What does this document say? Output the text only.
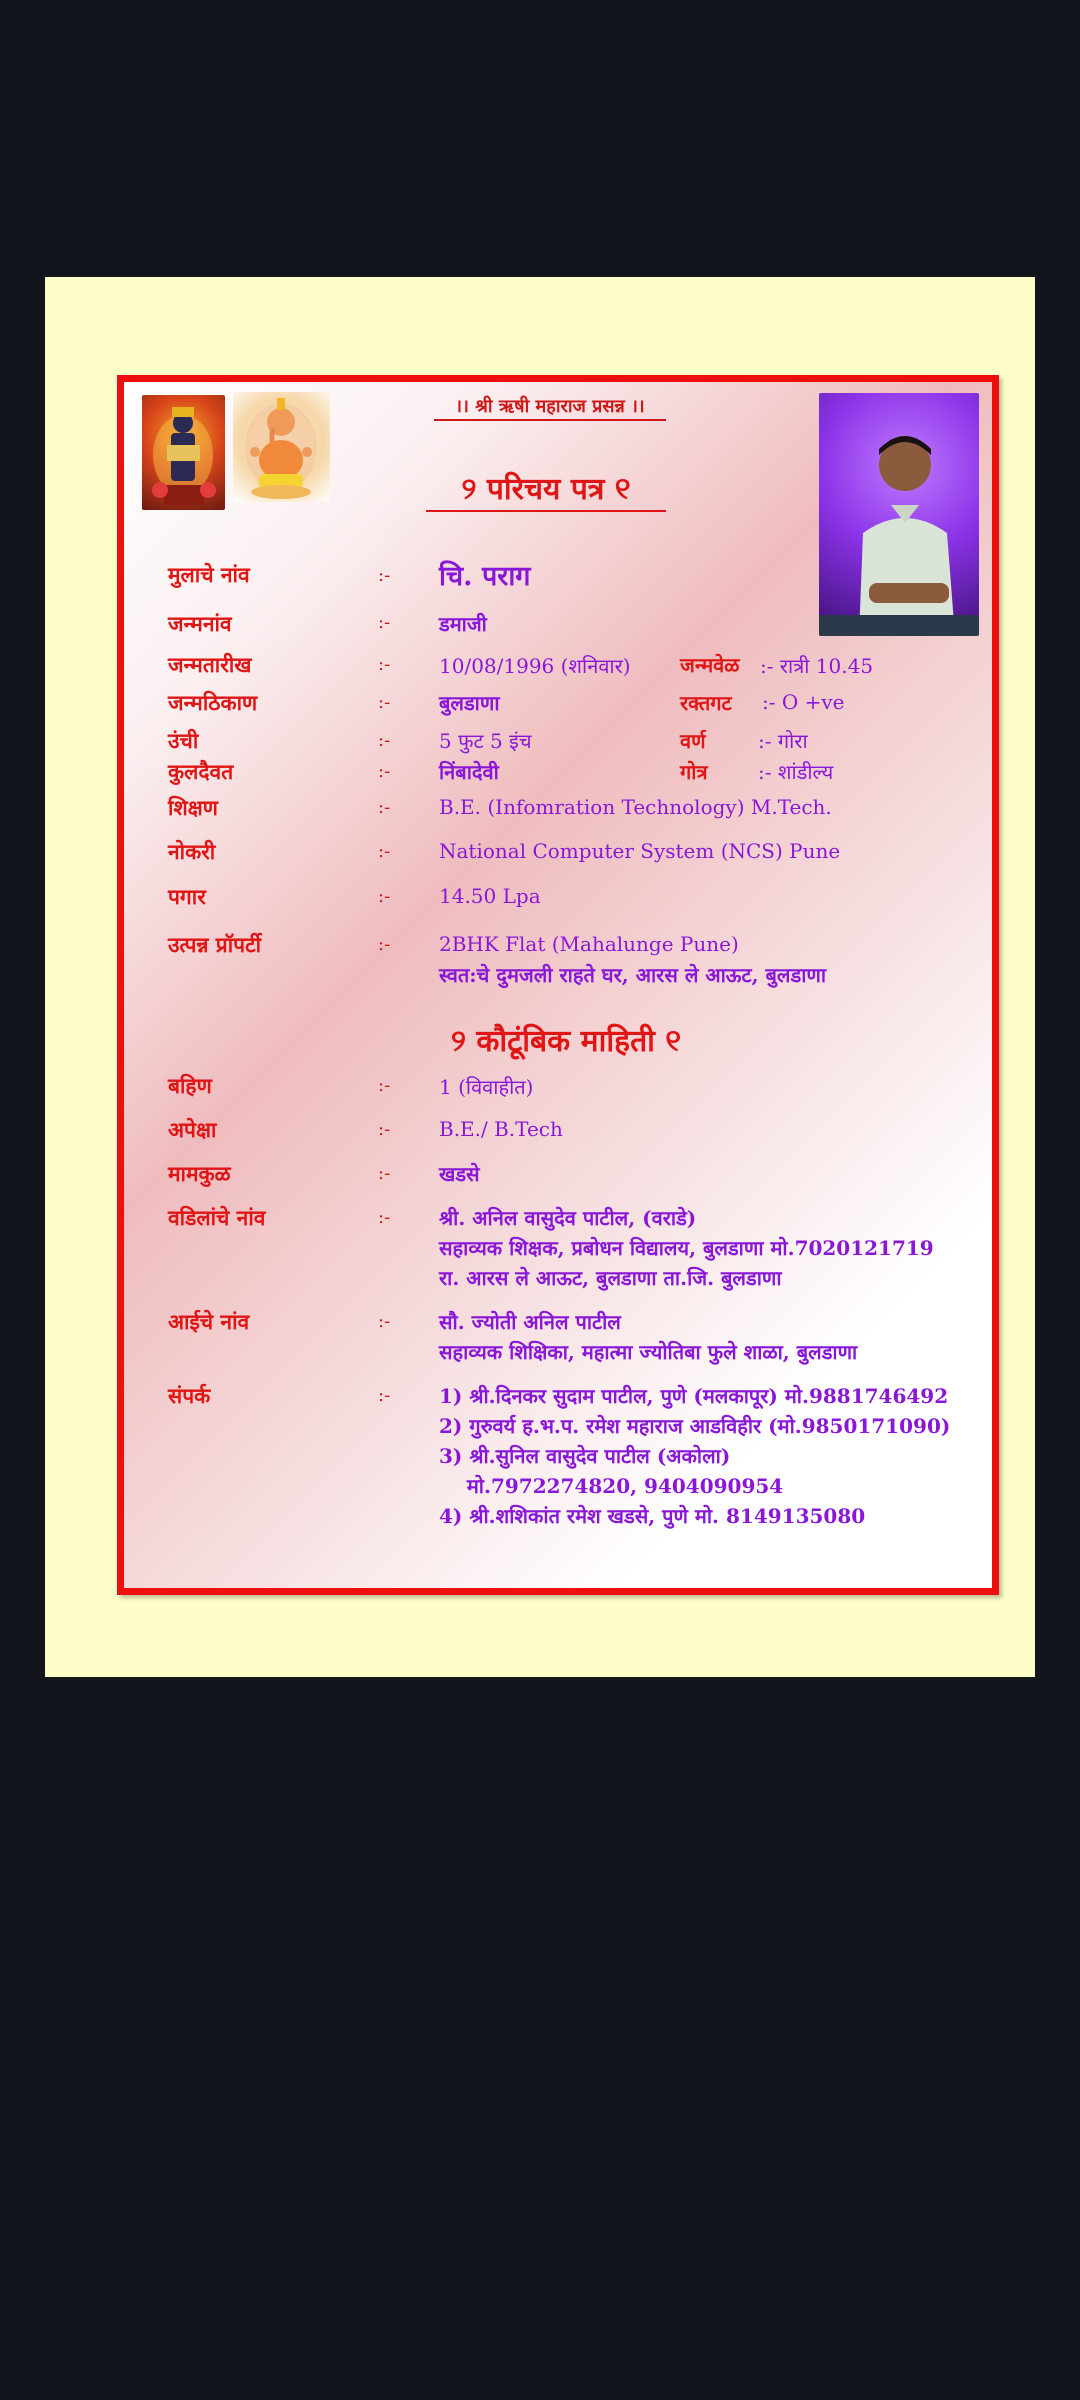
।। श्री ऋषी महाराज प्रसन्न ।।
୨ परिचय पत्र ୧
मुलाचे नांव	:- चि. पराग
जन्मनांव	:- डमाजी
जन्मतारीख	:- 10/08/1996 (शनिवार) जन्मवेळ :- रात्री 10.45
जन्मठिकाण	:- बुलडाणा	रक्तगट :- O +ve
उंची	:- 5 फुट 5 इंच	वर्ण	:- गोरा
कुलदैवत	:- निंबादेवी	गोत्र	:- शांडील्य
शिक्षण	:- B.E. (Infomration Technology) M.Tech.
नोकरी	:- National Computer System (NCS) Pune
पगार	:- 14.50 Lpa
उत्पन्न प्रॉपर्टी	:- 2BHK Flat (Mahalunge Pune)
स्वत:चे दुमजली राहते घर, आरस ले आऊट, बुलडाणा
୨ कौटूंबिक माहिती ୧
बहिण	:- 1 (विवाहीत)
अपेक्षा	:- B.E./ B.Tech
मामकुळ	:- खडसे
वडिलांचे नांव	:- श्री. अनिल वासुदेव पाटील, (वराडे)
सहाव्यक शिक्षक, प्रबोधन विद्यालय, बुलडाणा मो.7020121719
रा. आरस ले आऊट, बुलडाणा ता.जि. बुलडाणा
आईचे नांव	:- सौ. ज्योती अनिल पाटील
सहाव्यक शिक्षिका, महात्मा ज्योतिबा फुले शाळा, बुलडाणा
संपर्क	:- 1) श्री.दिनकर सुदाम पाटील, पुणे (मलकापूर) मो.9881746492
2) गुरुवर्य ह.भ.प. रमेश महाराज आडविहीर (मो.9850171090)
3) श्री.सुनिल वासुदेव पाटील (अकोला)
मो.7972274820, 9404090954
4) श्री.शशिकांत रमेश खडसे, पुणे मो. 8149135080
